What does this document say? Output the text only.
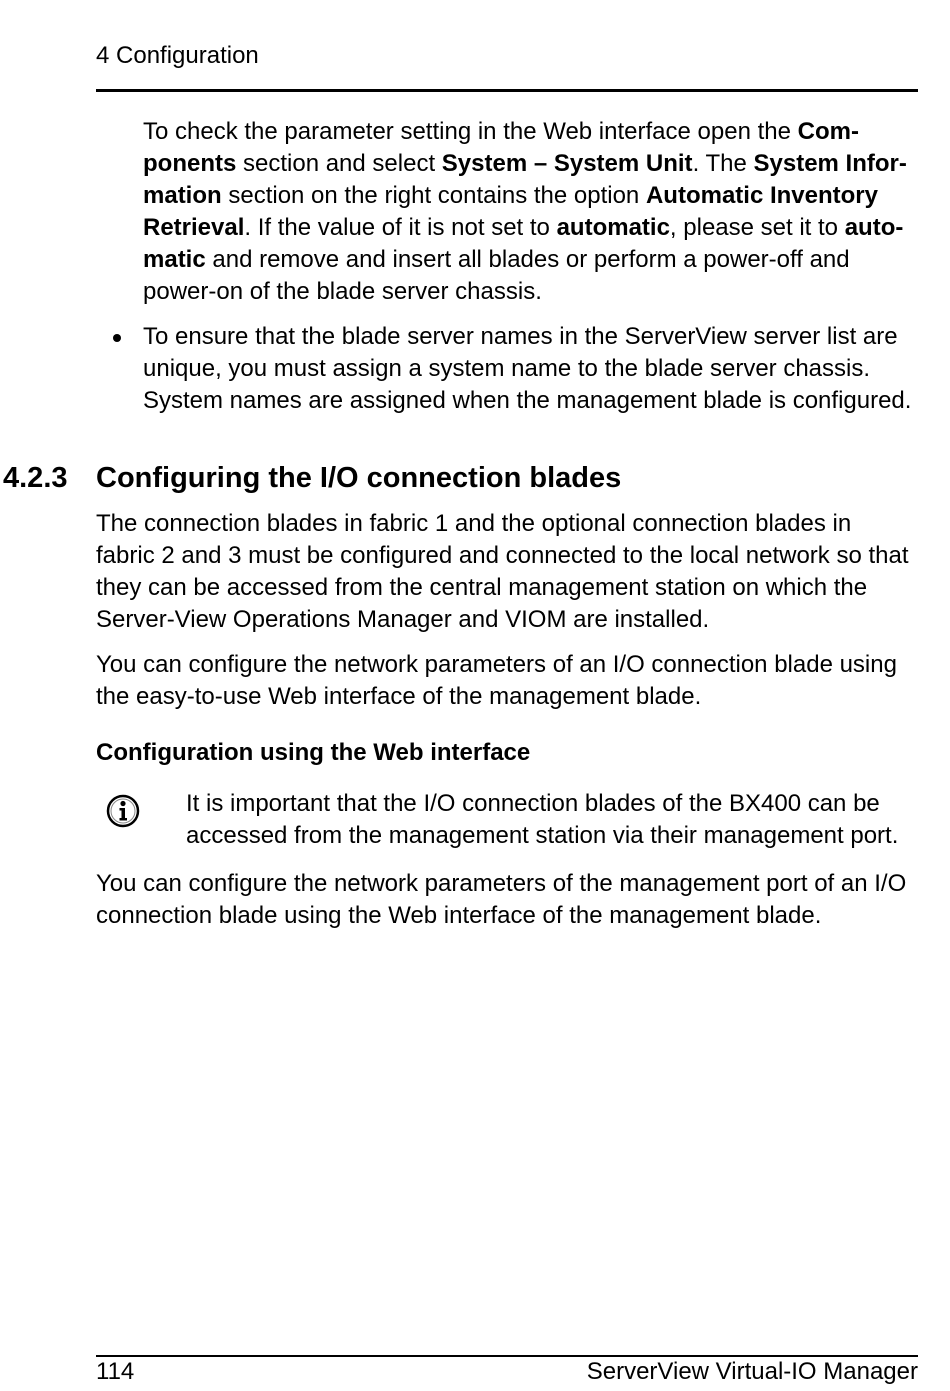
4 Configuration

To check the parameter setting in the Web interface open the Com-ponents section and select System – System Unit. The System Infor-mation section on the right contains the option Automatic Inventory Retrieval. If the value of it is not set to automatic, please set it to auto-matic and remove and insert all blades or perform a power-off and power-on of the blade server chassis.

To ensure that the blade server names in the ServerView server list are unique, you must assign a system name to the blade server chassis. System names are assigned when the management blade is configured.

4.2.3 Configuring the I/O connection blades

The connection blades in fabric 1 and the optional connection blades in fabric 2 and 3 must be configured and connected to the local network so that they can be accessed from the central management station on which the Server-View Operations Manager and VIOM are installed.

You can configure the network parameters of an I/O connection blade using the easy-to-use Web interface of the management blade.

Configuration using the Web interface

It is important that the I/O connection blades of the BX400 can be accessed from the management station via their management port.

You can configure the network parameters of the management port of an I/O connection blade using the Web interface of the management blade.

114	ServerView Virtual-IO Manager
